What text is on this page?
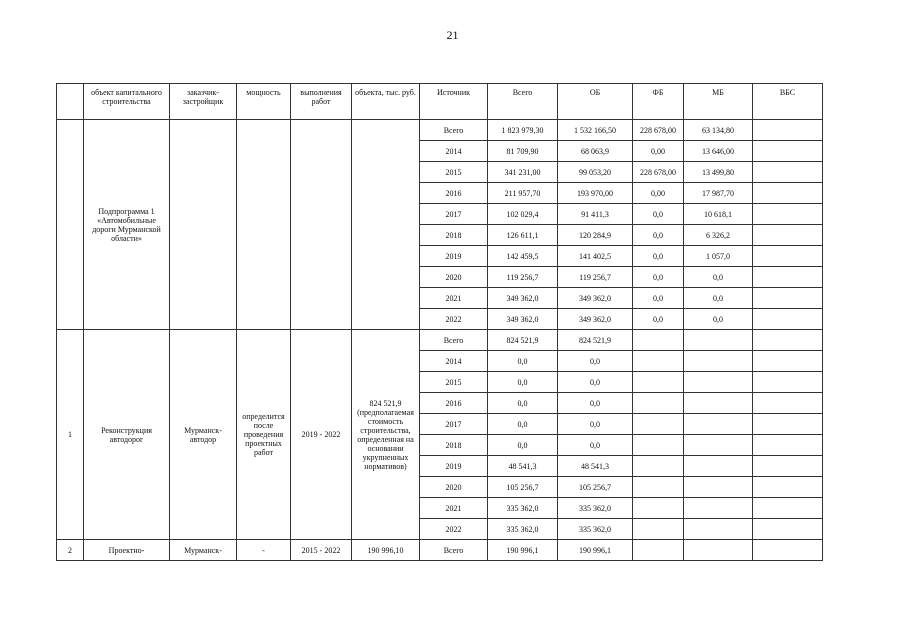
21
	объект капитального строительства	заказчик-застройщик	мощность	выполнения работ	объекта, тыс. руб.	Источник	Всего	ОБ	ФБ	МБ	ВБС
	Подпрограмма 1 «Автомобильные дороги Мурманской области»					Всего	1 823 979,30	1 532 166,50	228 678,00	63 134,80	
						2014	81 709,90	68 063,9	0,00	13 646,00	
						2015	341 231,00	99 053,20	228 678,00	13 499,80	
						2016	211 957,70	193 970,00	0,00	17 987,70	
						2017	102 029,4	91 411,3	0,0	10 618,1	
						2018	126 611,1	120 284,9	0,0	6 326,2	
						2019	142 459,5	141 402,5	0,0	1 057,0	
						2020	119 256,7	119 256,7	0,0	0,0	
						2021	349 362,0	349 362,0	0,0	0,0	
						2022	349 362,0	349 362,0	0,0	0,0	
1	Реконструкция автодорог	Мурманск-автодор	определится после проведения проектных работ	2019 - 2022	824 521,9 (предполагаемая стоимость строительства, определенная на основании укрупненных нормативов)	Всего	824 521,9	824 521,9			
						2014	0,0	0,0			
						2015	0,0	0,0			
						2016	0,0	0,0			
						2017	0,0	0,0			
						2018	0,0	0,0			
						2019	48 541,3	48 541,3			
						2020	105 256,7	105 256,7			
						2021	335 362,0	335 362,0			
						2022	335 362,0	335 362,0			
2	Проектно-	Мурманск-	-	2015 - 2022	190 996,10	Всего	190 996,1	190 996,1			
